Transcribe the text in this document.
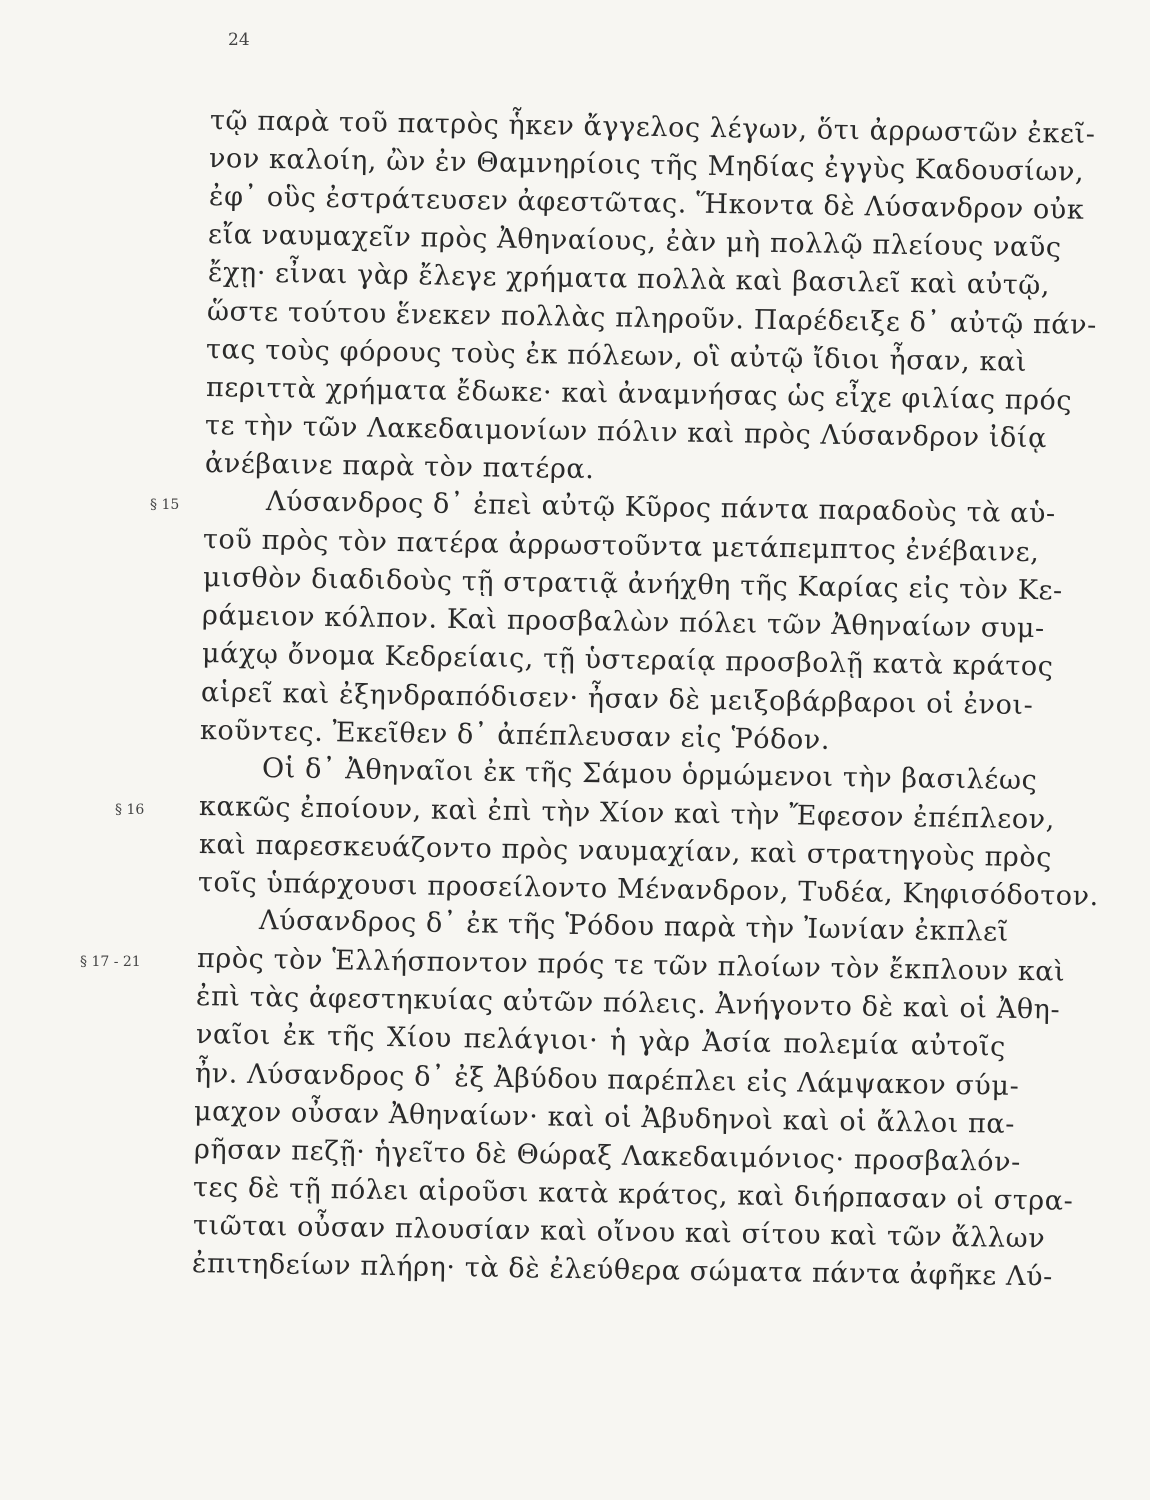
24
τῷ παρὰ τοῦ πατρὸς ἧκεν ἄγγελος λέγων, ὅτι ἀρρωστῶν ἐκεῖ-
νον καλοίη, ὢν ἐν Θαμνηρίοις τῆς Μηδίας ἐγγὺς Καδουσίων,
ἐφ᾽ οὓς ἐστράτευσεν ἀφεστῶτας. Ἥκοντα δὲ Λύσανδρον οὐκ
εἴα ναυμαχεῖν πρὸς Ἀθηναίους, ἐὰν μὴ πολλῷ πλείους ναῦς
ἔχῃ· εἶναι γὰρ ἔλεγε χρήματα πολλὰ καὶ βασιλεῖ καὶ αὐτῷ,
ὥστε τούτου ἕνεκεν πολλὰς πληροῦν. Παρέδειξε δ᾽ αὐτῷ πάν-
τας τοὺς φόρους τοὺς ἐκ πόλεων, οἳ αὐτῷ ἴδιοι ἦσαν, καὶ
περιττὰ χρήματα ἔδωκε· καὶ ἀναμνήσας ὡς εἶχε φιλίας πρός
τε τὴν τῶν Λακεδαιμονίων πόλιν καὶ πρὸς Λύσανδρον ἰδίᾳ
ἀνέβαινε παρὰ τὸν πατέρα.
Λύσανδρος δ᾽ ἐπεὶ αὐτῷ Κῦρος πάντα παραδοὺς τὰ αὑ-
τοῦ πρὸς τὸν πατέρα ἀρρωστοῦντα μετάπεμπτος ἐνέβαινε,
μισθὸν διαδιδοὺς τῇ στρατιᾷ ἀνήχθη τῆς Καρίας εἰς τὸν Κε-
ράμειον κόλπον. Καὶ προσβαλὼν πόλει τῶν Ἀθηναίων συμ-
μάχῳ ὄνομα Κεδρείαις, τῇ ὑστεραίᾳ προσβολῇ κατὰ κράτος
αἱρεῖ καὶ ἐξηνδραπόδισεν· ἦσαν δὲ μειξοβάρβαροι οἱ ἐνοι-
κοῦντες. Ἐκεῖθεν δ᾽ ἀπέπλευσαν εἰς Ῥόδον.
Οἱ δ᾽ Ἀθηναῖοι ἐκ τῆς Σάμου ὁρμώμενοι τὴν βασιλέως
κακῶς ἐποίουν, καὶ ἐπὶ τὴν Χίον καὶ τὴν Ἔφεσον ἐπέπλεον,
καὶ παρεσκευάζοντο πρὸς ναυμαχίαν, καὶ στρατηγοὺς πρὸς
τοῖς ὑπάρχουσι προσείλοντο Μένανδρον, Τυδέα, Κηφισόδοτον.
Λύσανδρος δ᾽ ἐκ τῆς Ῥόδου παρὰ τὴν Ἰωνίαν ἐκπλεῖ
πρὸς τὸν Ἑλλήσποντον πρός τε τῶν πλοίων τὸν ἔκπλουν καὶ
ἐπὶ τὰς ἀφεστηκυίας αὐτῶν πόλεις. Ἀνήγοντο δὲ καὶ οἱ Ἀθη-
ναῖοι ἐκ τῆς Χίου πελάγιοι· ἡ γὰρ Ἀσία πολεμία αὐτοῖς
ἦν. Λύσανδρος δ᾽ ἐξ Ἀβύδου παρέπλει εἰς Λάμψακον σύμ-
μαχον οὖσαν Ἀθηναίων· καὶ οἱ Ἀβυδηνοὶ καὶ οἱ ἄλλοι πα-
ρῆσαν πεζῇ· ἡγεῖτο δὲ Θώραξ Λακεδαιμόνιος· προσβαλόν-
τες δὲ τῇ πόλει αἱροῦσι κατὰ κράτος, καὶ διήρπασαν οἱ στρα-
τιῶται οὖσαν πλουσίαν καὶ οἴνου καὶ σίτου καὶ τῶν ἄλλων
ἐπιτηδείων πλήρη· τὰ δὲ ἐλεύθερα σώματα πάντα ἀφῆκε Λύ-
§ 15
§ 16
§ 17 - 21
